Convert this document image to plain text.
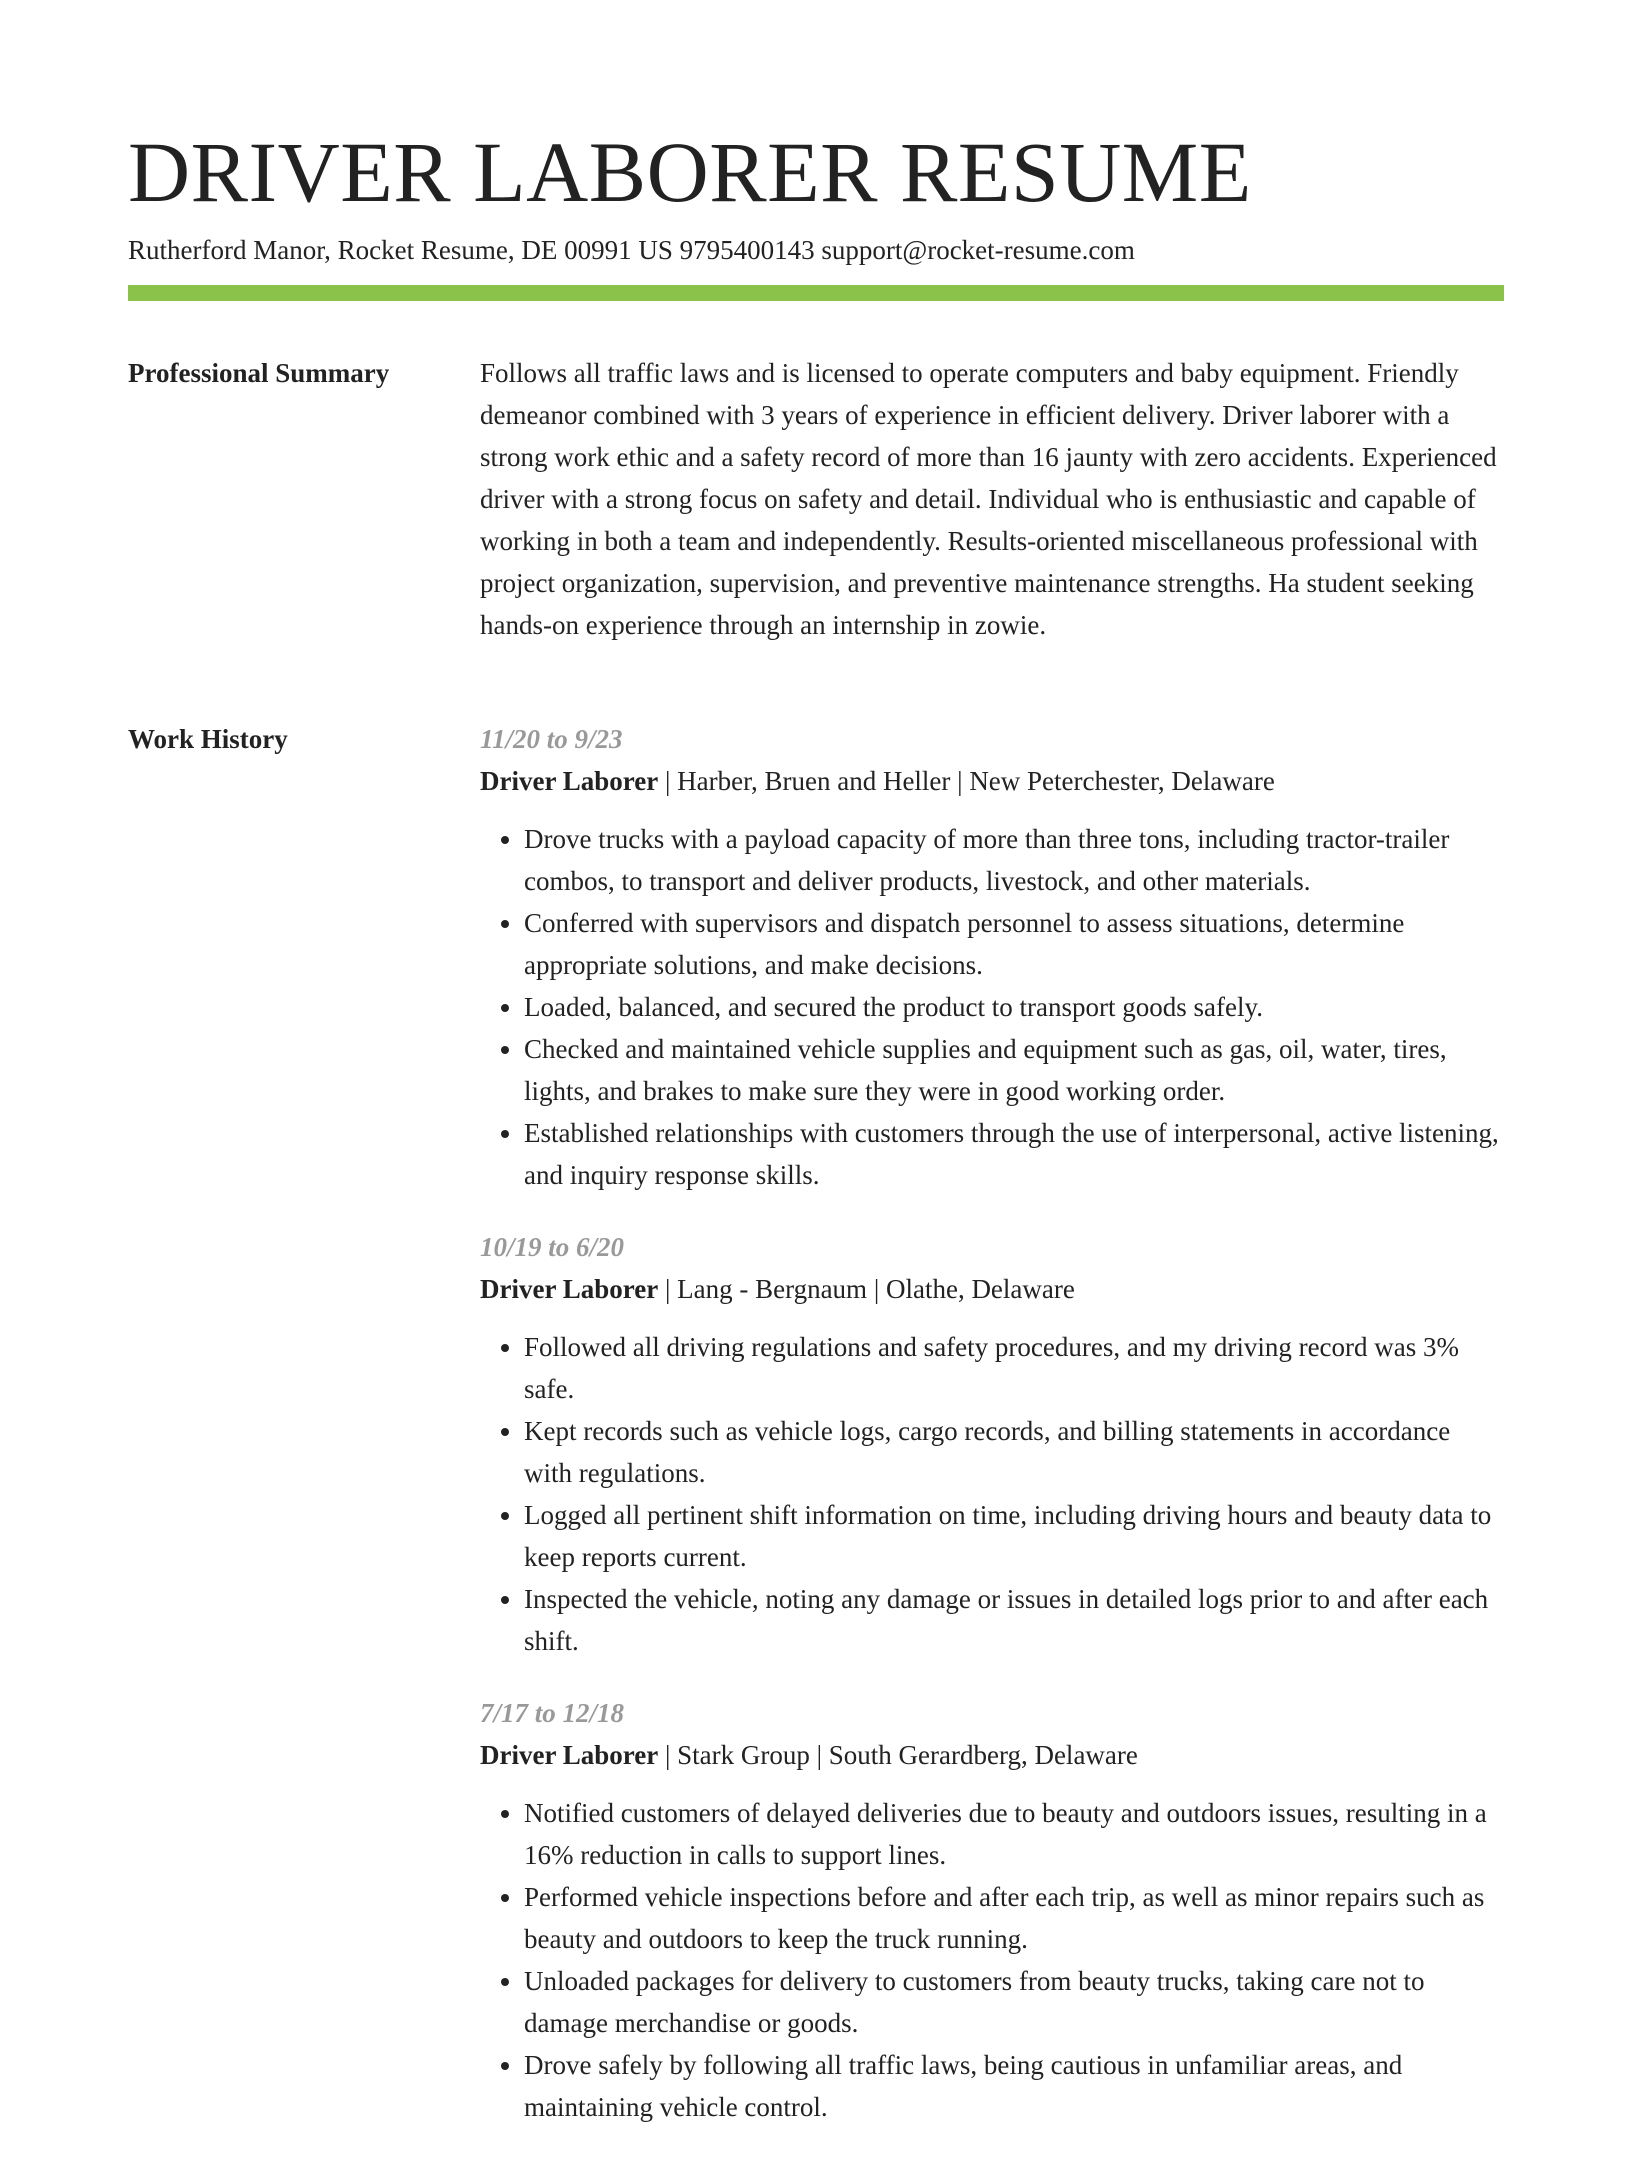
DRIVER LABORER RESUME
Rutherford Manor, Rocket Resume, DE 00991 US 9795400143 support@rocket-resume.com
Professional Summary	Follows all traffic laws and is licensed to operate computers and baby equipment. Friendly demeanor combined with 3 years of experience in efficient delivery. Driver laborer with a strong work ethic and a safety record of more than 16 jaunty with zero accidents. Experienced driver with a strong focus on safety and detail. Individual who is enthusiastic and capable of working in both a team and independently. Results-oriented miscellaneous professional with project organization, supervision, and preventive maintenance strengths. Ha student seeking hands-on experience through an internship in zowie.

Work History	11/20 to 9/23
Driver Laborer | Harber, Bruen and Heller | New Peterchester, Delaware
• Drove trucks with a payload capacity of more than three tons, including tractor-trailer combos, to transport and deliver products, livestock, and other materials.
• Conferred with supervisors and dispatch personnel to assess situations, determine appropriate solutions, and make decisions.
• Loaded, balanced, and secured the product to transport goods safely.
• Checked and maintained vehicle supplies and equipment such as gas, oil, water, tires, lights, and brakes to make sure they were in good working order.
• Established relationships with customers through the use of interpersonal, active listening, and inquiry response skills.
10/19 to 6/20
Driver Laborer | Lang - Bergnaum | Olathe, Delaware
• Followed all driving regulations and safety procedures, and my driving record was 3% safe.
• Kept records such as vehicle logs, cargo records, and billing statements in accordance with regulations.
• Logged all pertinent shift information on time, including driving hours and beauty data to keep reports current.
• Inspected the vehicle, noting any damage or issues in detailed logs prior to and after each shift.
7/17 to 12/18
Driver Laborer | Stark Group | South Gerardberg, Delaware
• Notified customers of delayed deliveries due to beauty and outdoors issues, resulting in a 16% reduction in calls to support lines.
• Performed vehicle inspections before and after each trip, as well as minor repairs such as beauty and outdoors to keep the truck running.
• Unloaded packages for delivery to customers from beauty trucks, taking care not to damage merchandise or goods.
• Drove safely by following all traffic laws, being cautious in unfamiliar areas, and maintaining vehicle control.
